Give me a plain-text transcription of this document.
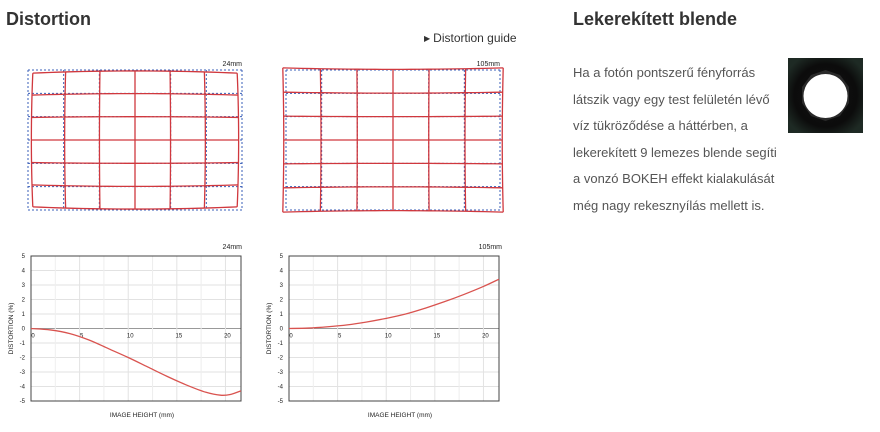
Distortion
▶ Distortion guide
24mm	105mm
24mm
5
4
3
2
1
0
-1
-2
-3
-4
-5
0	5	10	15	20
IMAGE HEIGHT (mm)
DISTORTION (%)
105mm
5
4
3
2
1
0
-1
-2
-3
-4
-5
0	5	10	15	20
IMAGE HEIGHT (mm)
DISTORTION (%)
Lekerekített blende

Ha a fotón pontszerű fényforrás látszik vagy egy test felületén lévő víz tükröződése a háttérben, a lekerekített 9 lemezes blende segíti a vonzó BOKEH effekt kialakulását még nagy rekesznyílás mellett is.
